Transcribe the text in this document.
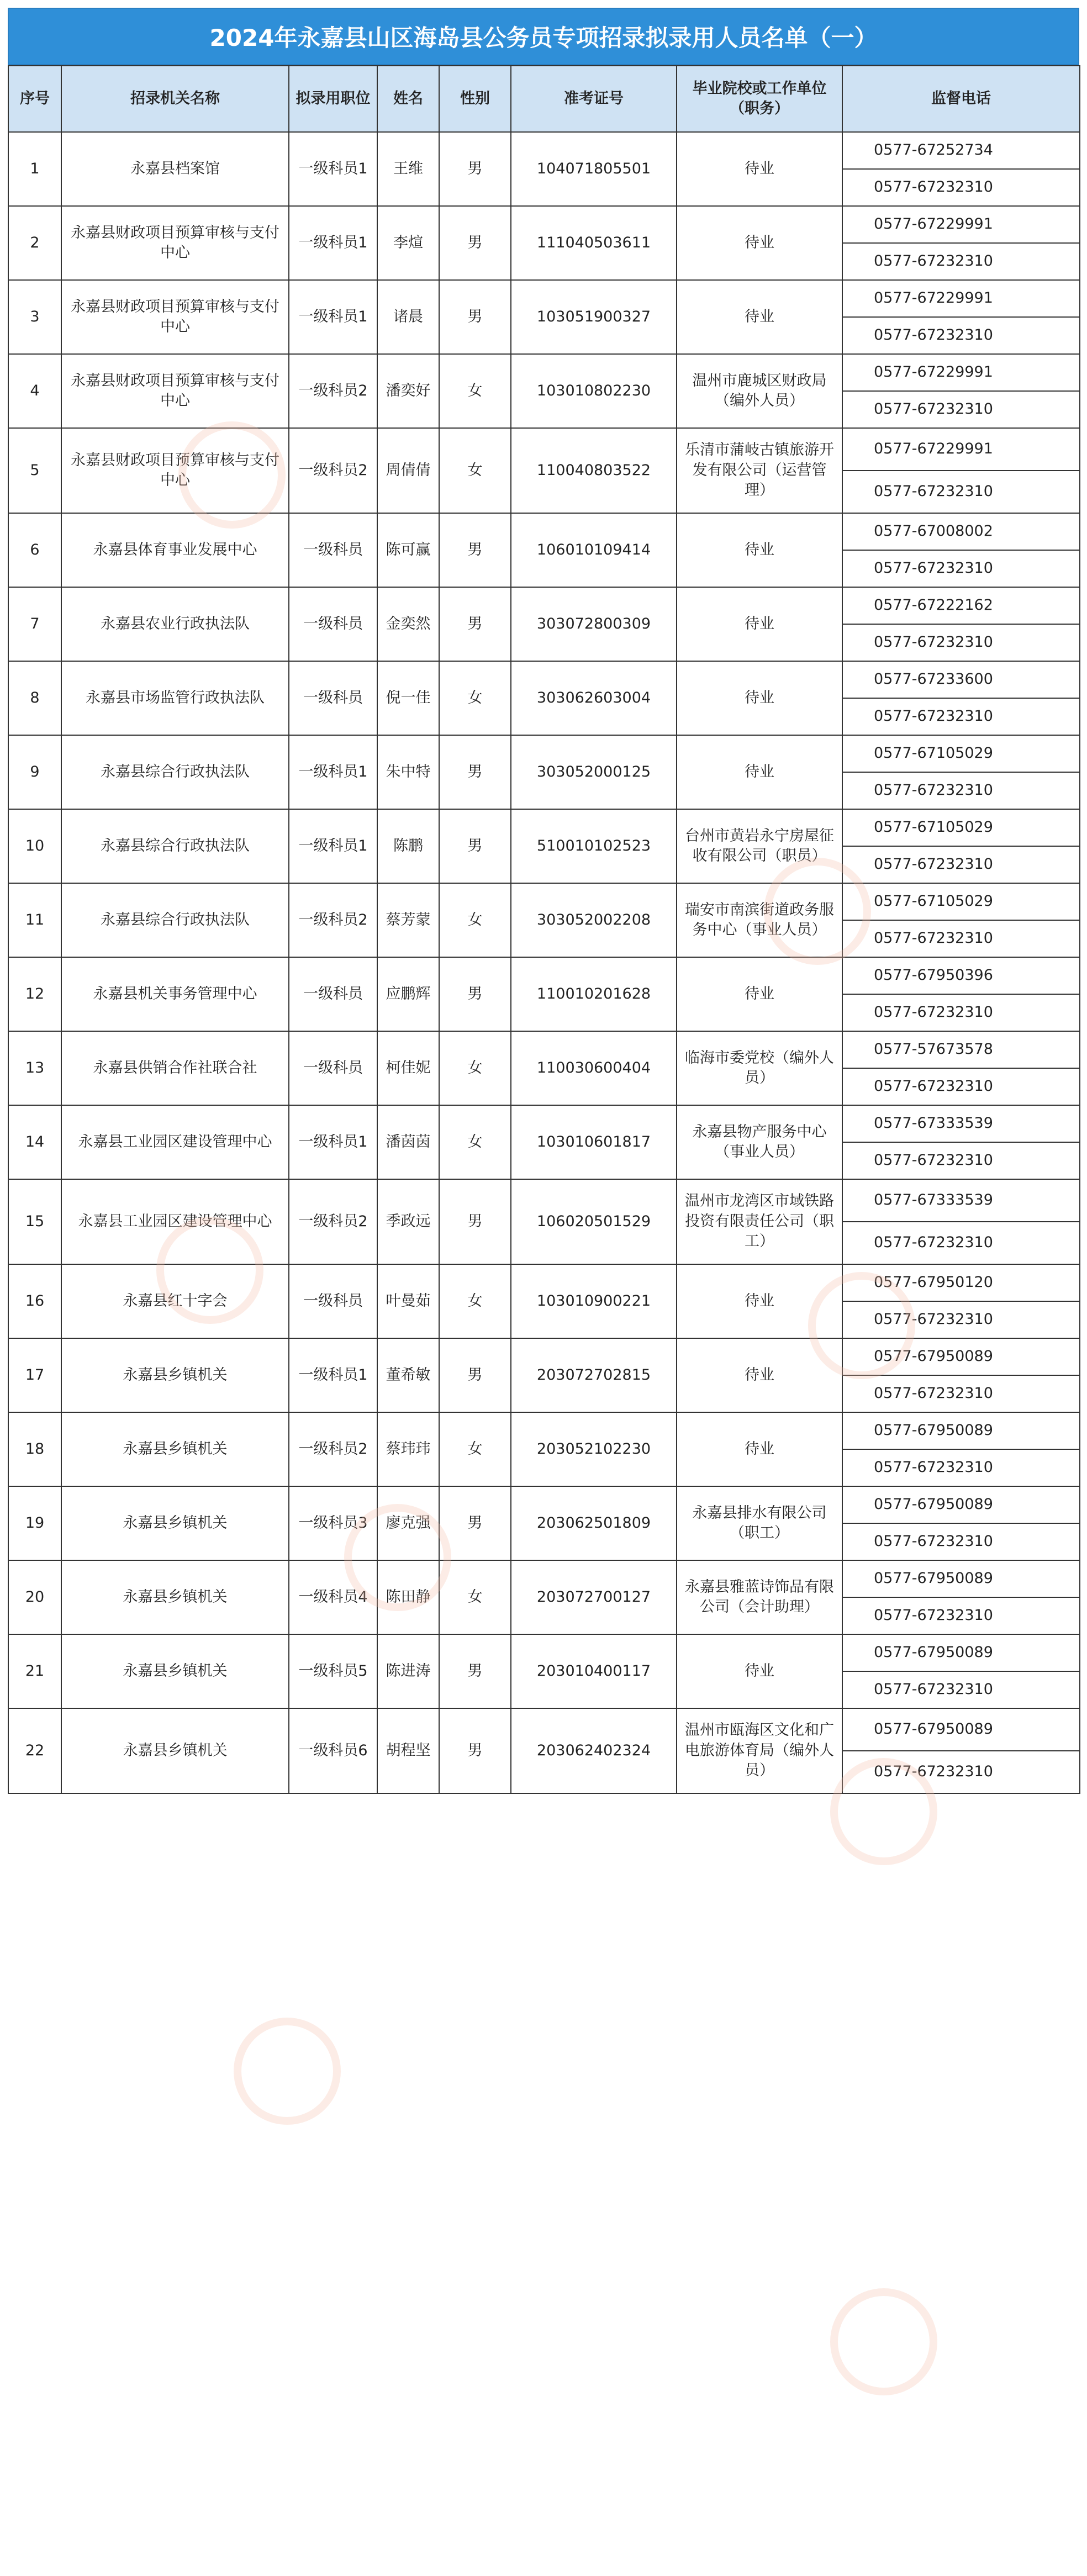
2024年永嘉县山区海岛县公务员专项招录拟录用人员名单（一）
序号	招录机关名称	拟录用职位	姓名	性别	准考证号	毕业院校或工作单位（职务）	监督电话
1	永嘉县档案馆	一级科员1	王维	男	104071805501	待业	0577-67252734
							0577-67232310
2	永嘉县财政项目预算审核与支付中心	一级科员1	李煊	男	111040503611	待业	0577-67229991
							0577-67232310
3	永嘉县财政项目预算审核与支付中心	一级科员1	诸晨	男	103051900327	待业	0577-67229991
							0577-67232310
4	永嘉县财政项目预算审核与支付中心	一级科员2	潘奕好	女	103010802230	温州市鹿城区财政局（编外人员）	0577-67229991
							0577-67232310
5	永嘉县财政项目预算审核与支付中心	一级科员2	周倩倩	女	110040803522	乐清市蒲岐古镇旅游开发有限公司（运营管理）	0577-67229991
							0577-67232310
6	永嘉县体育事业发展中心	一级科员	陈可赢	男	106010109414	待业	0577-67008002
							0577-67232310
7	永嘉县农业行政执法队	一级科员	金奕然	男	303072800309	待业	0577-67222162
							0577-67232310
8	永嘉县市场监管行政执法队	一级科员	倪一佳	女	303062603004	待业	0577-67233600
							0577-67232310
9	永嘉县综合行政执法队	一级科员1	朱中特	男	303052000125	待业	0577-67105029
							0577-67232310
10	永嘉县综合行政执法队	一级科员1	陈鹏	男	510010102523	台州市黄岩永宁房屋征收有限公司（职员）	0577-67105029
							0577-67232310
11	永嘉县综合行政执法队	一级科员2	蔡芳蒙	女	303052002208	瑞安市南滨街道政务服务中心（事业人员）	0577-67105029
							0577-67232310
12	永嘉县机关事务管理中心	一级科员	应鹏辉	男	110010201628	待业	0577-67950396
							0577-67232310
13	永嘉县供销合作社联合社	一级科员	柯佳妮	女	110030600404	临海市委党校（编外人员）	0577-57673578
							0577-67232310
14	永嘉县工业园区建设管理中心	一级科员1	潘茵茵	女	103010601817	永嘉县物产服务中心（事业人员）	0577-67333539
							0577-67232310
15	永嘉县工业园区建设管理中心	一级科员2	季政远	男	106020501529	温州市龙湾区市域铁路投资有限责任公司（职工）	0577-67333539
							0577-67232310
16	永嘉县红十字会	一级科员	叶曼茹	女	103010900221	待业	0577-67950120
							0577-67232310
17	永嘉县乡镇机关	一级科员1	董希敏	男	203072702815	待业	0577-67950089
							0577-67232310
18	永嘉县乡镇机关	一级科员2	蔡玮玮	女	203052102230	待业	0577-67950089
							0577-67232310
19	永嘉县乡镇机关	一级科员3	廖克强	男	203062501809	永嘉县排水有限公司（职工）	0577-67950089
							0577-67232310
20	永嘉县乡镇机关	一级科员4	陈田静	女	203072700127	永嘉县雅蓝诗饰品有限公司（会计助理）	0577-67950089
							0577-67232310
21	永嘉县乡镇机关	一级科员5	陈进涛	男	203010400117	待业	0577-67950089
							0577-67232310
22	永嘉县乡镇机关	一级科员6	胡程坚	男	203062402324	温州市瓯海区文化和广电旅游体育局（编外人员）	0577-67950089
							0577-67232310
